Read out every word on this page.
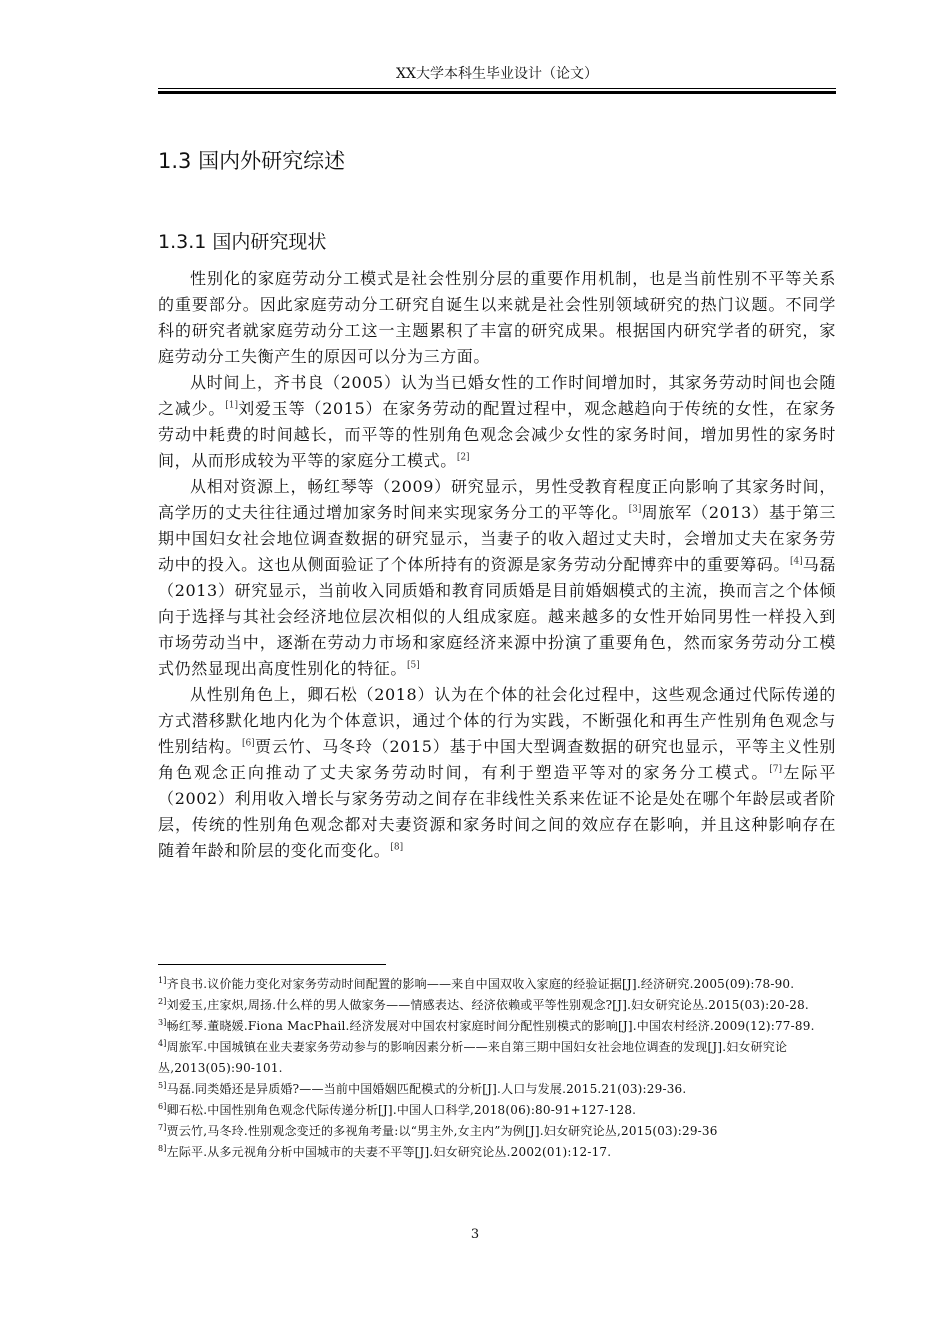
XX大学本科生毕业设计（论文）
1.3 国内外研究综述
1.3.1 国内研究现状

性别化的家庭劳动分工模式是社会性别分层的重要作用机制，也是当前性别不平等关系的重要部分。因此家庭劳动分工研究自诞生以来就是社会性别领域研究的热门议题。不同学科的研究者就家庭劳动分工这一主题累积了丰富的研究成果。根据国内研究学者的研究，家庭劳动分工失衡产生的原因可以分为三方面。

从时间上，齐书良（2005）认为当已婚女性的工作时间增加时，其家务劳动时间也会随之减少。[1]刘爱玉等（2015）在家务劳动的配置过程中，观念越趋向于传统的女性，在家务劳动中耗费的时间越长，而平等的性别角色观念会减少女性的家务时间，增加男性的家务时间，从而形成较为平等的家庭分工模式。[2]

从相对资源上，畅红琴等（2009）研究显示，男性受教育程度正向影响了其家务时间，高学历的丈夫往往通过增加家务时间来实现家务分工的平等化。[3]周旅军（2013）基于第三期中国妇女社会地位调查数据的研究显示，当妻子的收入超过丈夫时，会增加丈夫在家务劳动中的投入。这也从侧面验证了个体所持有的资源是家务劳动分配博弈中的重要筹码。[4]马磊（2013）研究显示，当前收入同质婚和教育同质婚是目前婚姻模式的主流，换而言之个体倾向于选择与其社会经济地位层次相似的人组成家庭。越来越多的女性开始同男性一样投入到市场劳动当中，逐渐在劳动力市场和家庭经济来源中扮演了重要角色，然而家务劳动分工模式仍然显现出高度性别化的特征。[5]

从性别角色上，卿石松（2018）认为在个体的社会化过程中，这些观念通过代际传递的方式潜移默化地内化为个体意识，通过个体的行为实践，不断强化和再生产性别角色观念与性别结构。[6]贾云竹、马冬玲（2015）基于中国大型调查数据的研究也显示，平等主义性别角色观念正向推动了丈夫家务劳动时间，有利于塑造平等对的家务分工模式。[7]左际平（2002）利用收入增长与家务劳动之间存在非线性关系来佐证不论是处在哪个年龄层或者阶层，传统的性别角色观念都对夫妻资源和家务时间之间的效应存在影响，并且这种影响存在随着年龄和阶层的变化而变化。[8]

$^{1]}$齐良书.议价能力变化对家务劳动时间配置的影响——来自中国双收入家庭的经验证据[J].经济研究.2005(09):78-90.

$^{2]}$刘爱玉,庄家炽,周扬.什么样的男人做家务——情感表达、经济依赖或平等性别观念?[J].妇女研究论丛.2015(03):20-28.

$^{3]}$畅红琴.董晓媛.Fiona MacPhail.经济发展对中国农村家庭时间分配性别模式的影响[J].中国农村经济.2009(12):77-89.

$^{4]}$周旅军.中国城镇在业夫妻家务劳动参与的影响因素分析——来自第三期中国妇女社会地位调查的发现[J].妇女研究论丛,2013(05):90-101.

$^{5]}$马磊.同类婚还是异质婚?——当前中国婚姻匹配模式的分析[J].人口与发展.2015.21(03):29-36.

$^{6]}$卿石松.中国性别角色观念代际传递分析[J].中国人口科学,2018(06):80-91+127-128.

$^{7]}$贾云竹,马冬玲.性别观念变迁的多视角考量:以“男主外,女主内”为例[J].妇女研究论丛,2015(03):29-36

$^{8]}$左际平.从多元视角分析中国城市的夫妻不平等[J].妇女研究论丛.2002(01):12-17.

3
